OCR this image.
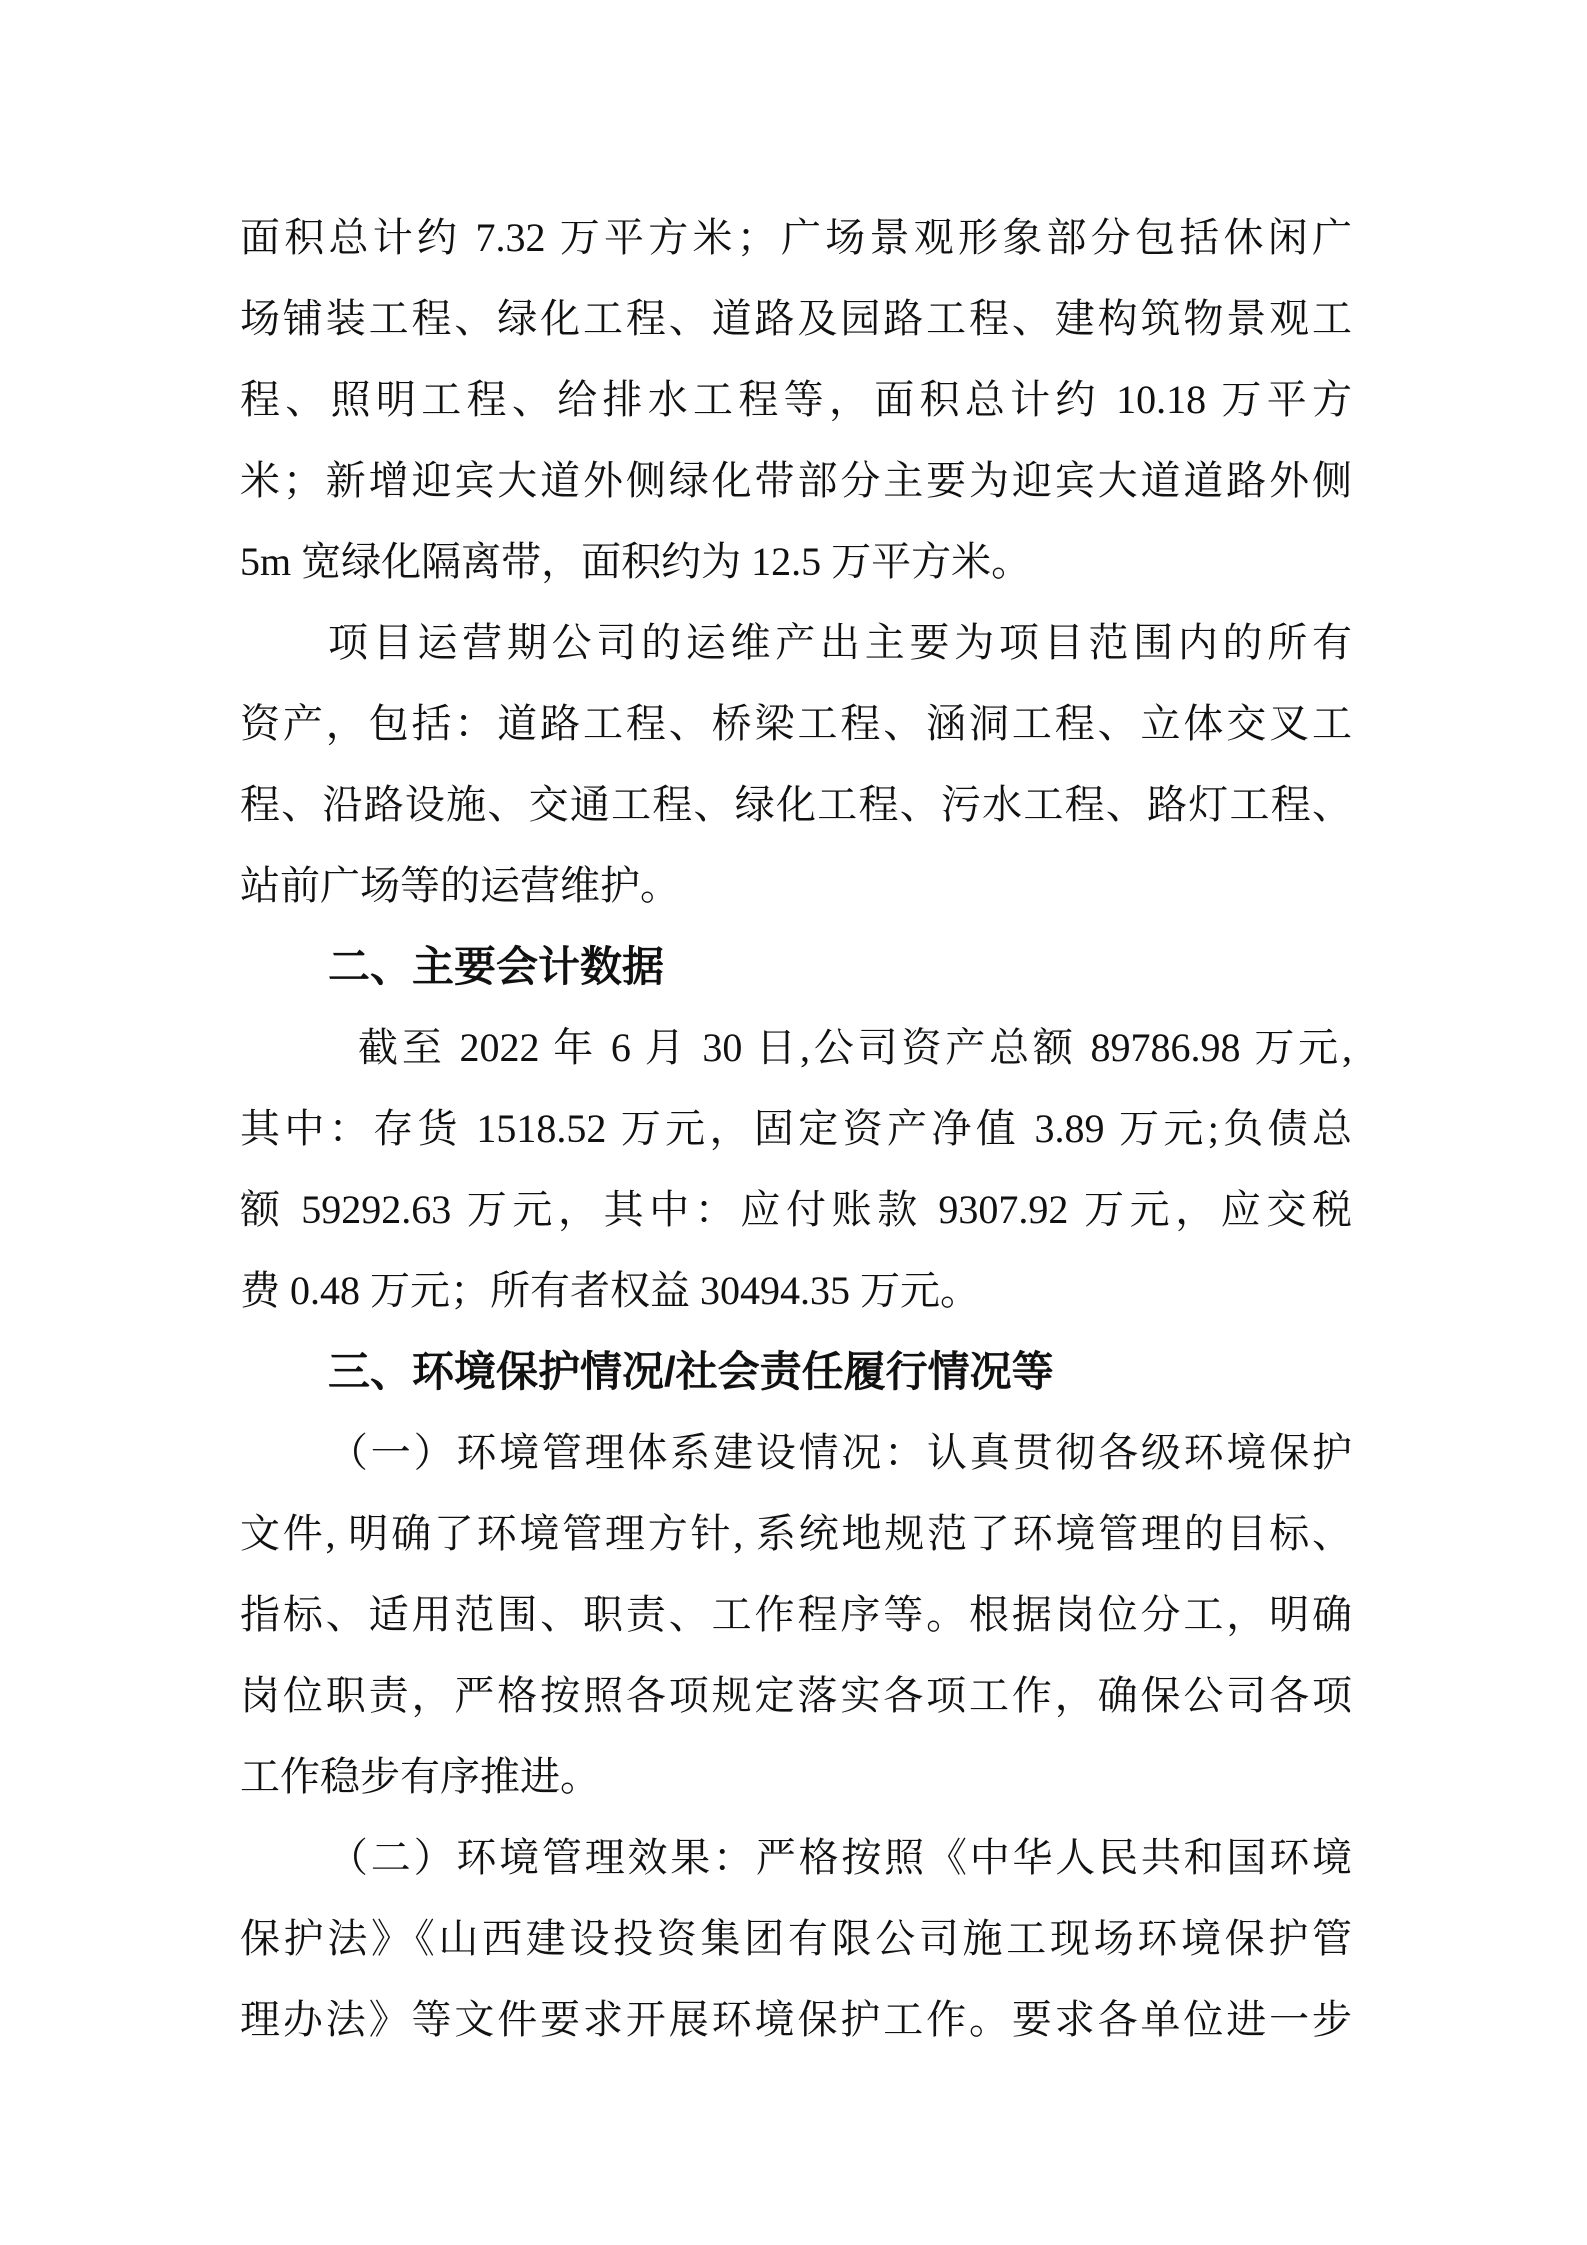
面积总计约 7.32 万平方米；广场景观形象部分包括休闲广
场铺装工程、绿化工程、道路及园路工程、建构筑物景观工
程、照明工程、给排水工程等，面积总计约 10.18 万平方
米；新增迎宾大道外侧绿化带部分主要为迎宾大道道路外侧
5m 宽绿化隔离带，面积约为 12.5 万平方米。
项目运营期公司的运维产出主要为项目范围内的所有
资产，包括：道路工程、桥梁工程、涵洞工程、立体交叉工
程、沿路设施、交通工程、绿化工程、污水工程、路灯工程、
站前广场等的运营维护。
二、主要会计数据
截至 2022 年 6 月 30 日,公司资产总额 89786.98 万元,
其中：存货 1518.52 万元，固定资产净值 3.89 万元;负债总
额 59292.63 万元，其中：应付账款 9307.92 万元，应交税
费 0.48 万元；所有者权益 30494.35 万元。
三、环境保护情况/社会责任履行情况等
（一）环境管理体系建设情况：认真贯彻各级环境保护
文件, 明确了环境管理方针, 系统地规范了环境管理的目标、
指标、适用范围、职责、工作程序等。根据岗位分工，明确
岗位职责，严格按照各项规定落实各项工作，确保公司各项
工作稳步有序推进。
（二）环境管理效果：严格按照《中华人民共和国环境
保护法》《山西建设投资集团有限公司施工现场环境保护管
理办法》等文件要求开展环境保护工作。要求各单位进一步
